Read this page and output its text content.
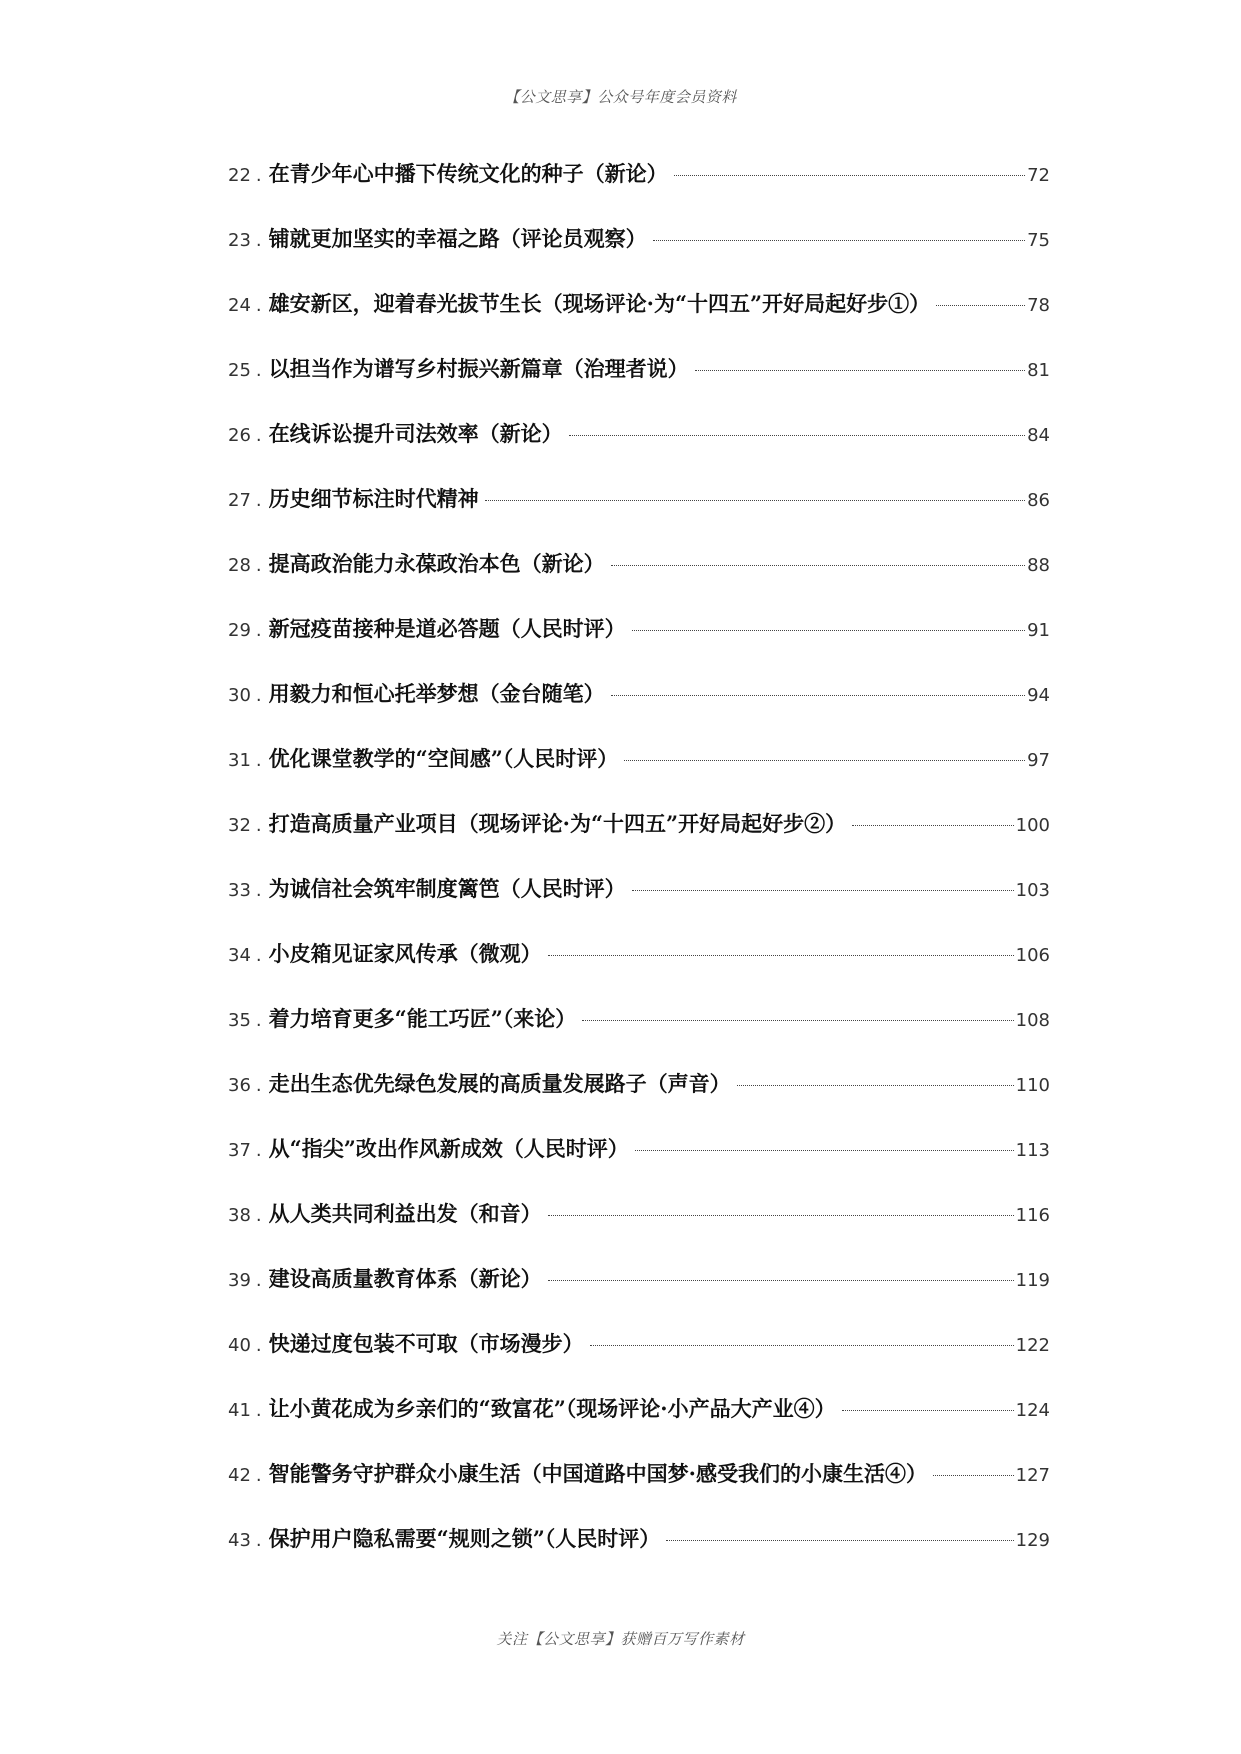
【公文思享】公众号年度会员资料
22 . 在青少年心中播下传统文化的种子（新论）	72
23 . 铺就更加坚实的幸福之路（评论员观察）	75
24 . 雄安新区，迎着春光拔节生长（现场评论·为“十四五”开好局起好步①）	78
25 . 以担当作为谱写乡村振兴新篇章（治理者说）	81
26 . 在线诉讼提升司法效率（新论）	84
27 . 历史细节标注时代精神	86
28 . 提高政治能力永葆政治本色（新论）	88
29 . 新冠疫苗接种是道必答题（人民时评）	91
30 . 用毅力和恒心托举梦想（金台随笔）	94
31 . 优化课堂教学的“空间感”（人民时评）	97
32 . 打造高质量产业项目（现场评论·为“十四五”开好局起好步②）	100
33 . 为诚信社会筑牢制度篱笆（人民时评）	103
34 . 小皮箱见证家风传承（微观）	106
35 . 着力培育更多“能工巧匠”（来论）	108
36 . 走出生态优先绿色发展的高质量发展路子（声音）	110
37 . 从“指尖”改出作风新成效（人民时评）	113
38 . 从人类共同利益出发（和音）	116
39 . 建设高质量教育体系（新论）	119
40 . 快递过度包装不可取（市场漫步）	122
41 . 让小黄花成为乡亲们的“致富花”（现场评论·小产品大产业④）	124
42 . 智能警务守护群众小康生活（中国道路中国梦·感受我们的小康生活④）	127
43 . 保护用户隐私需要“规则之锁”（人民时评）	129
关注【公文思享】获赠百万写作素材
